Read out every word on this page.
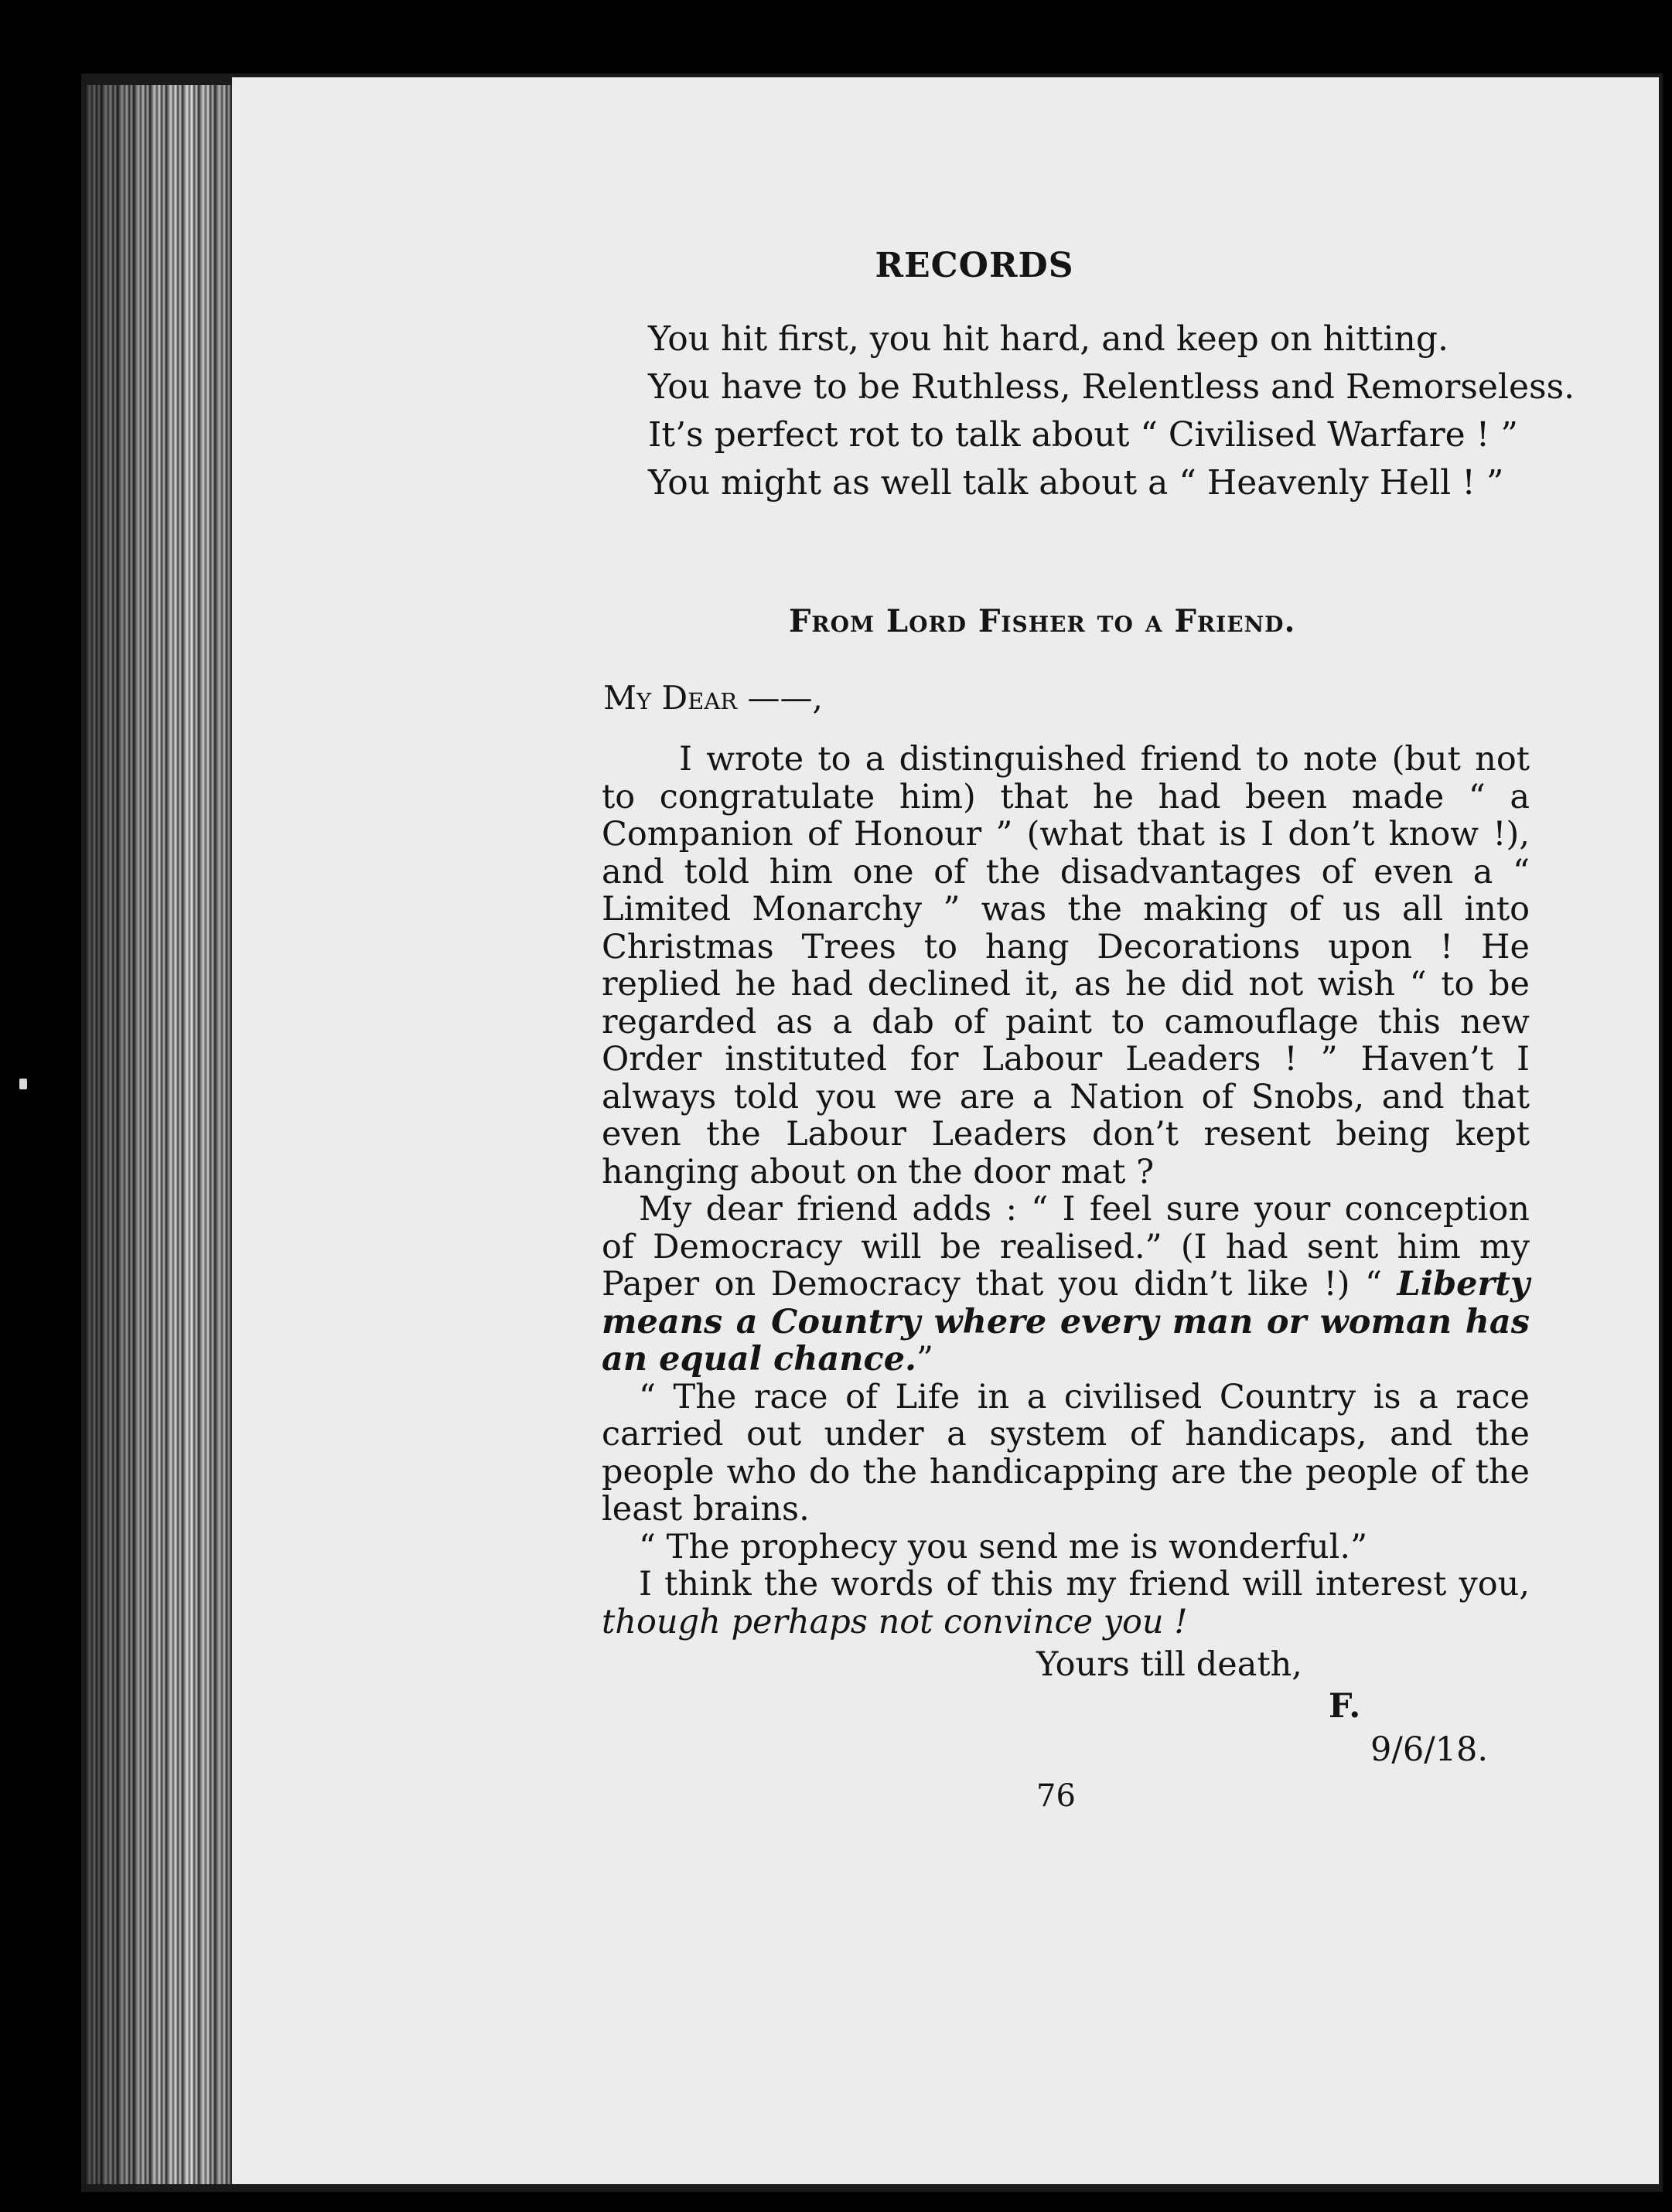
RECORDS
You hit first, you hit hard, and keep on hitting.
You have to be Ruthless, Relentless and Remorseless.
It’s perfect rot to talk about “ Civilised Warfare ! ”
You might as well talk about a “ Heavenly Hell ! ”
From Lord Fisher to a Friend.
My Dear ——,

I wrote to a distinguished friend to note (but not to congratulate him) that he had been made “ a Companion of Honour ” (what that is I don’t know !), and told him one of the disadvantages of even a “ Limited Monarchy ” was the making of us all into Christmas Trees to hang Decorations upon ! He replied he had declined it, as he did not wish “ to be regarded as a dab of paint to camouflage this new Order instituted for Labour Leaders ! ” Haven’t I always told you we are a Nation of Snobs, and that even the Labour Leaders don’t resent being kept hanging about on the door mat ?

My dear friend adds : “ I feel sure your conception of Democracy will be realised.” (I had sent him my Paper on Democracy that you didn’t like !) “ Liberty means a Country where every man or woman has an equal chance.”

“ The race of Life in a civilised Country is a race carried out under a system of handicaps, and the people who do the handicapping are the people of the least brains.

“ The prophecy you send me is wonderful.”

I think the words of this my friend will interest you, though perhaps not convince you !

Yours till death,
F.
9/6/18.
76
